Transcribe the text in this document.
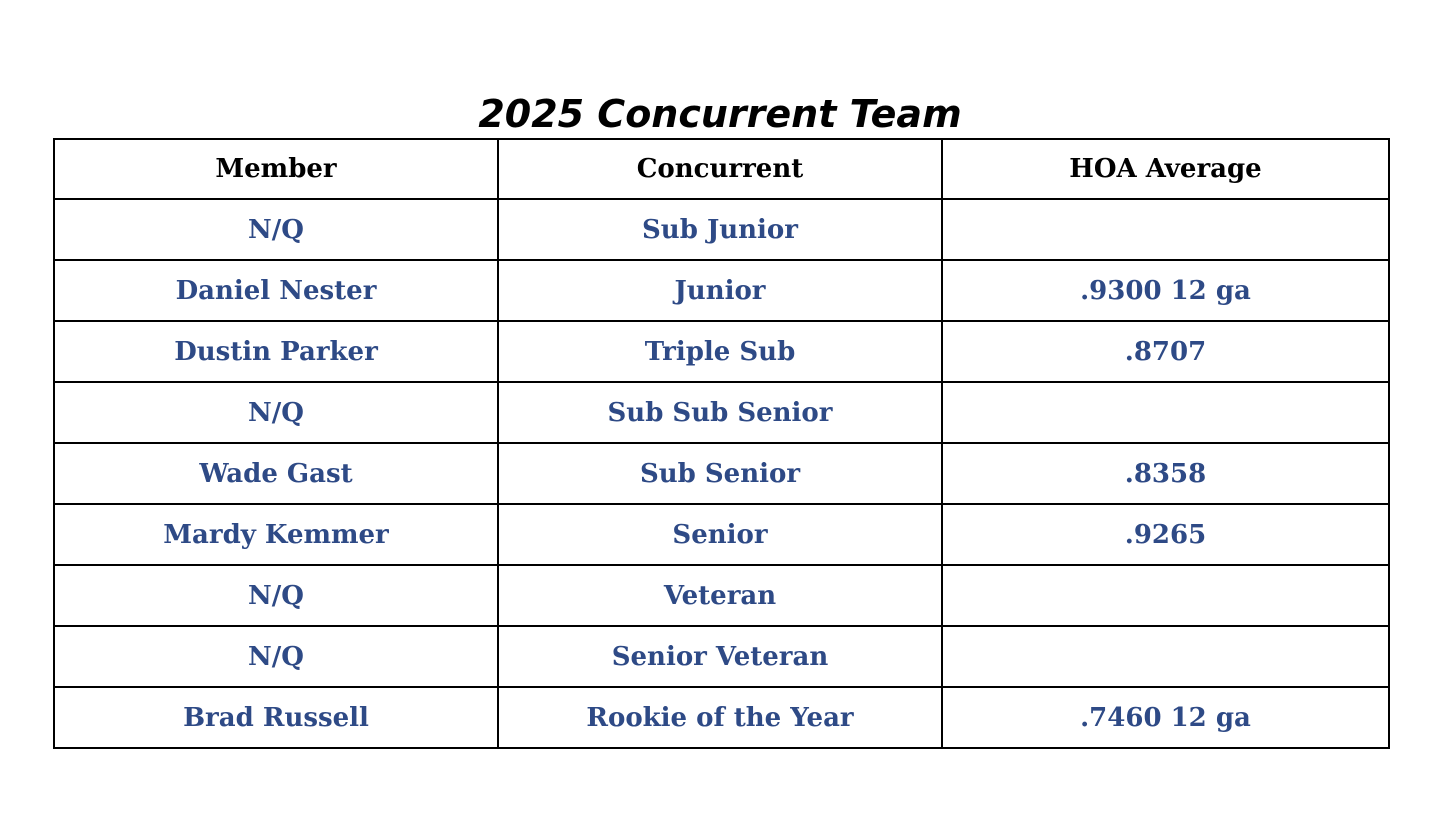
2025 Concurrent Team
Member	Concurrent	HOA Average
N/Q	Sub Junior	
Daniel Nester	Junior	.9300 12 ga
Dustin Parker	Triple Sub	.8707
N/Q	Sub Sub Senior	
Wade Gast	Sub Senior	.8358
Mardy Kemmer	Senior	.9265
N/Q	Veteran	
N/Q	Senior Veteran	
Brad Russell	Rookie of the Year	.7460 12 ga
